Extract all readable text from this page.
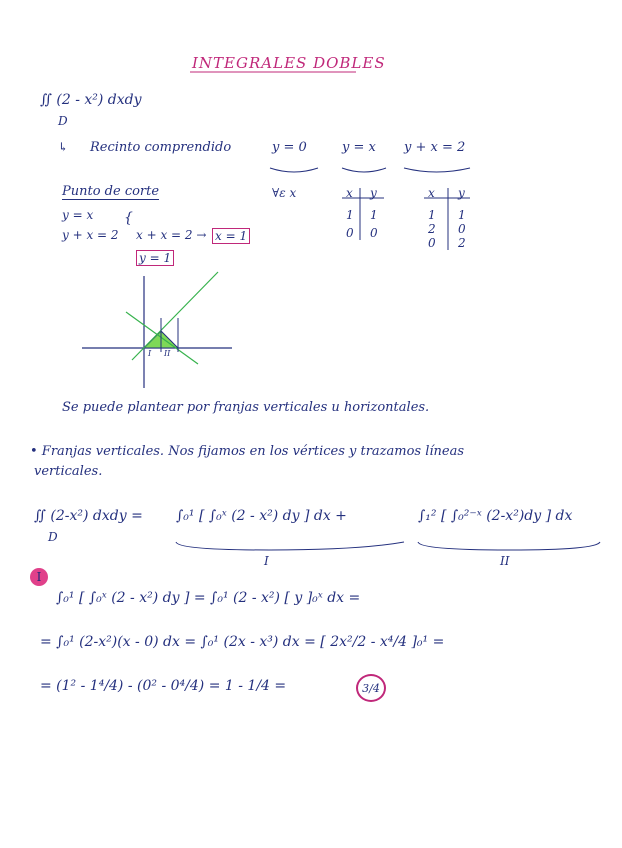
INTEGRALES DOBLES
∬ (2 - x²) dxdy
D
↳ Recinto comprendido	y = 0	y = x y + x = 2
∀ε x	x y
1 1
0 0
x y
1 1
2 0
0 2
Punto de corte
y = x
y + x = 2
{
x + x = 2 → x = 1
y = 1
Se puede plantear por franjas verticales u horizontales.
• Franjas verticales. Nos fijamos en los vértices y trazamos líneas
verticales.
∬ (2-x²) dxdy =
D
∫₀¹ [ ∫₀ˣ (2 - x²) dy ] dx +	∫₁² [ ∫₀²⁻ˣ (2-x²)dy ] dx
I	II
I
∫₀¹ [ ∫₀ˣ (2 - x²) dy ] = ∫₀¹ (2 - x²) [ y ]₀ˣ dx =
= ∫₀¹ (2-x²)(x - 0) dx = ∫₀¹ (2x - x³) dx = [ 2x²/2 - x⁴/4 ]₀¹ =
= (1² - 1⁴/4) - (0² - 0⁴/4) = 1 - 1/4 =	3/4
I II
